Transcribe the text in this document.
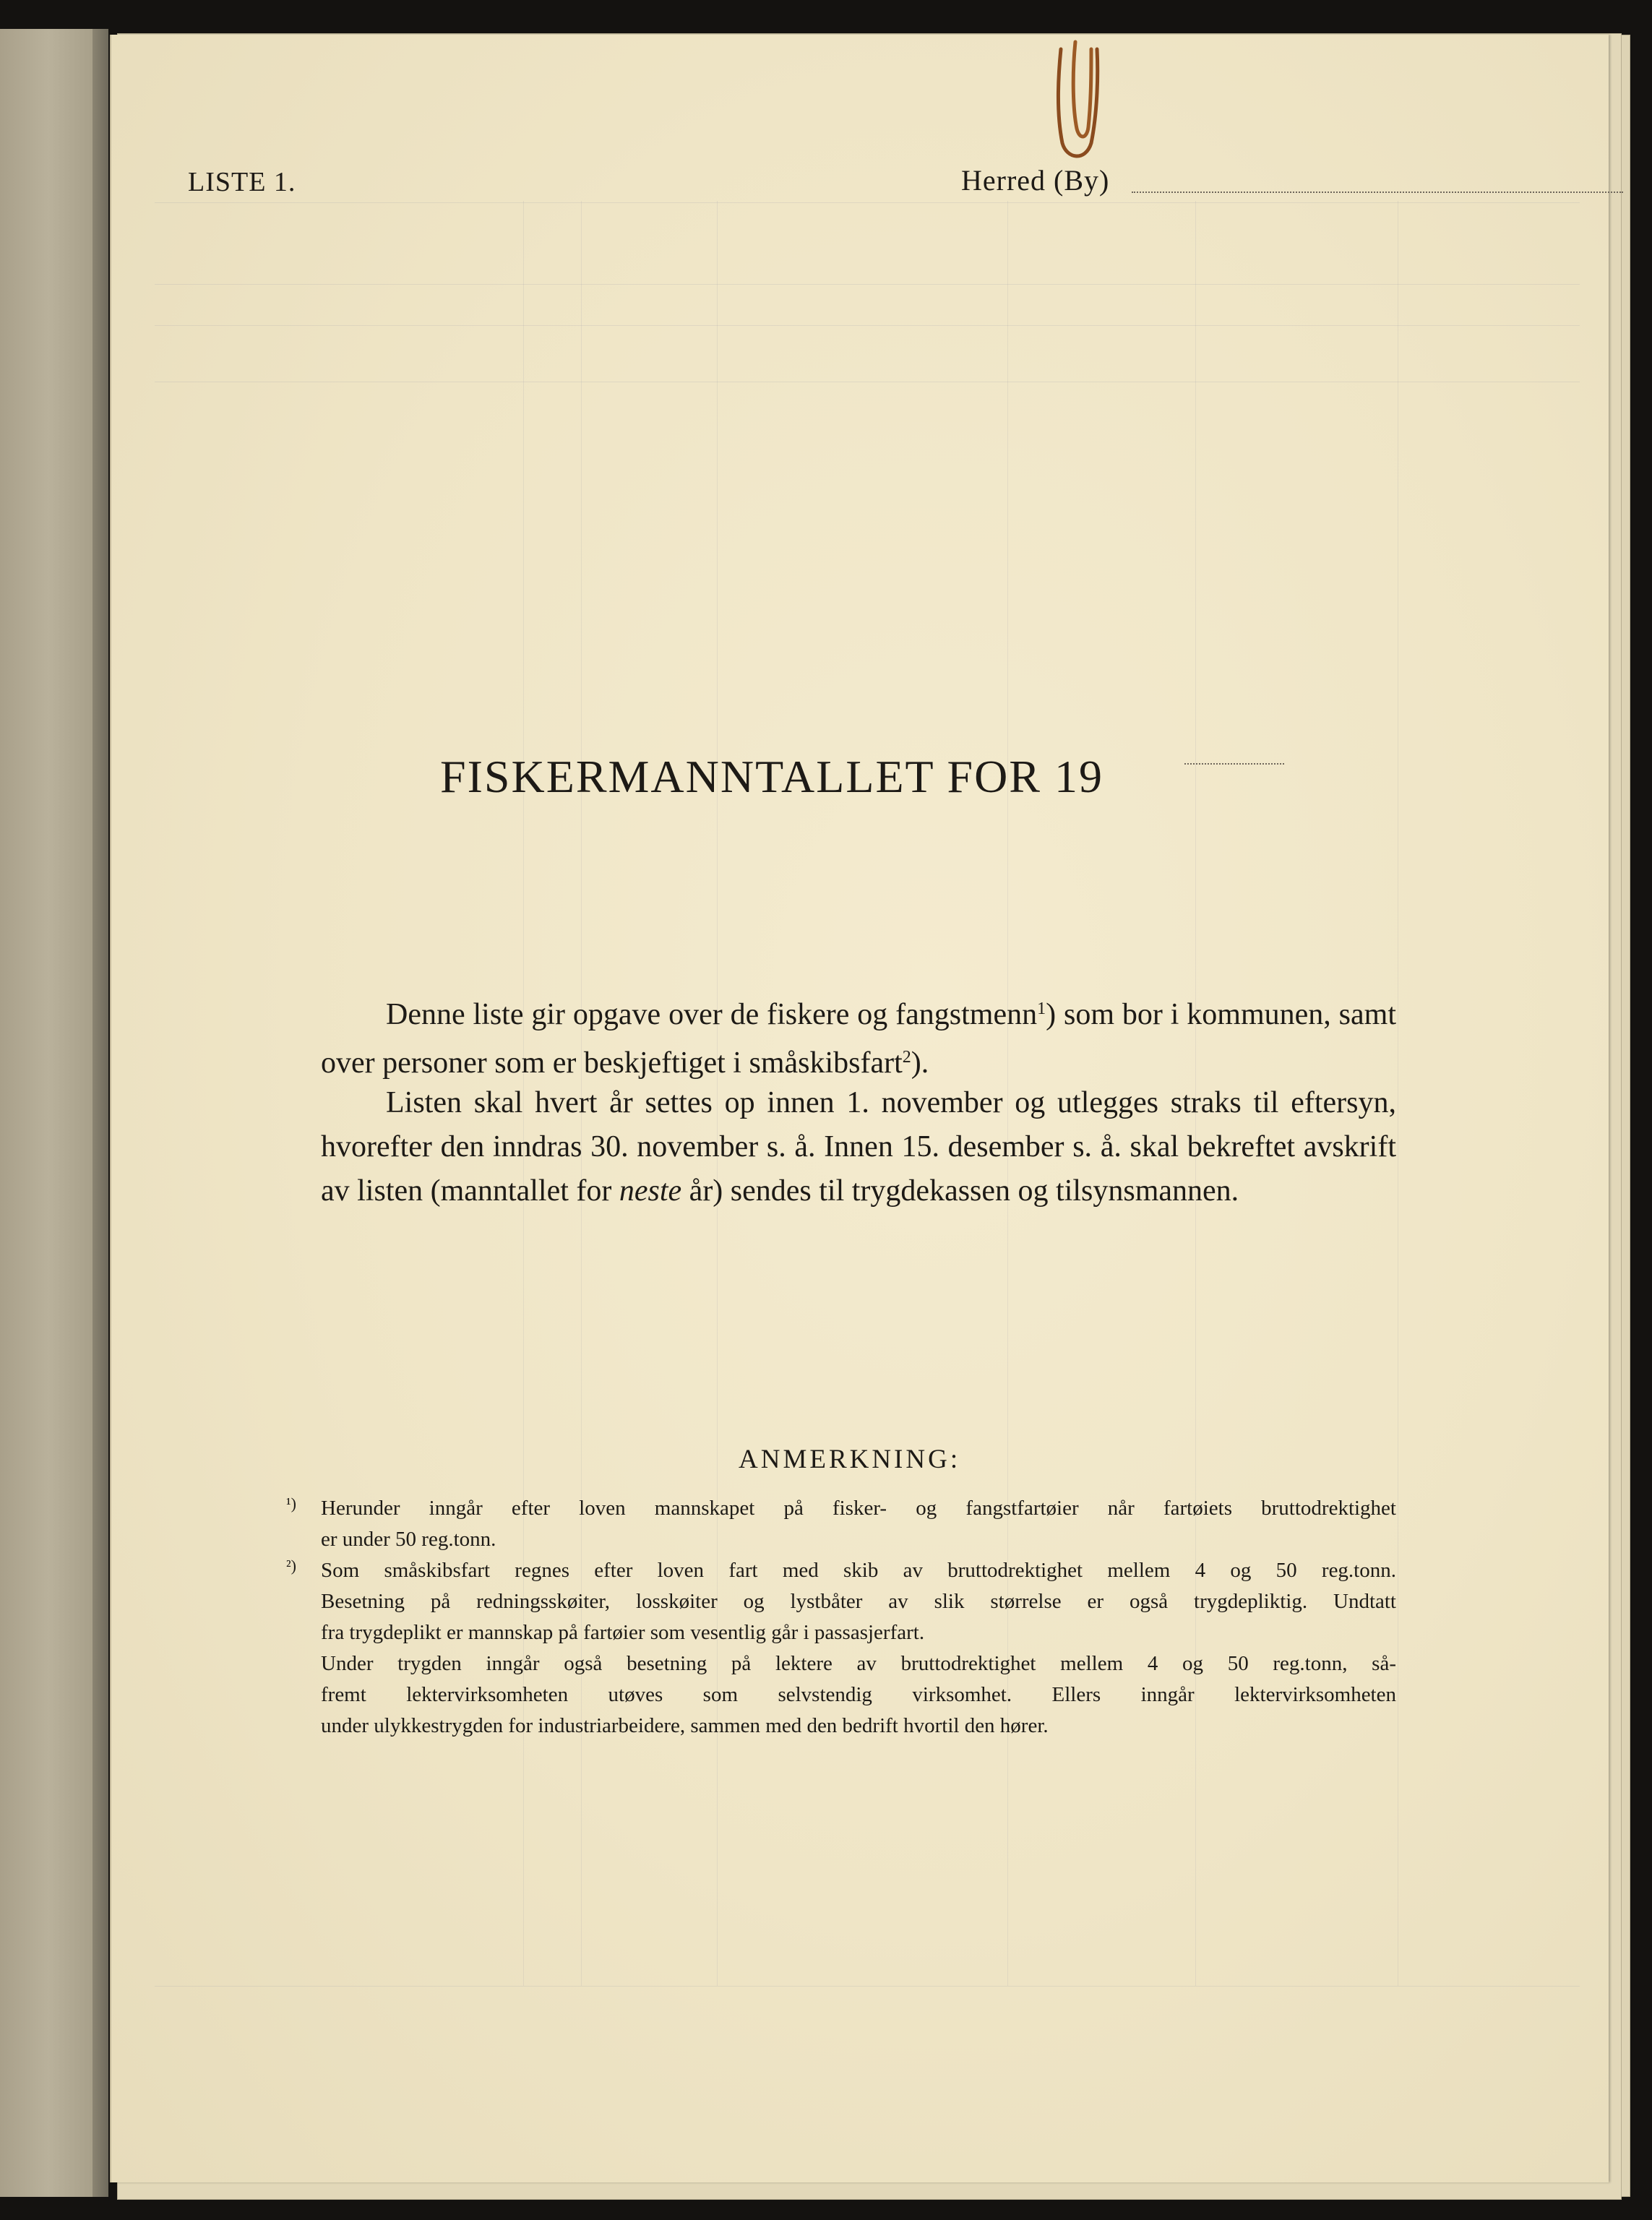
LISTE 1.	Herred (By)
FISKERMANNTALLET FOR 19
Denne liste gir opgave over de fiskere og fangstmenn$^1$) som bor i kommunen, samt over personer som er beskjeftiget i småskibsfart$^2$).
Listen skal hvert år settes op innen 1. november og utlegges straks til eftersyn, hvorefter den inndras 30. november s. å. Innen 15. desember s. å. skal bekreftet avskrift av listen (manntallet for neste år) sendes til trygdekassen og tilsynsmannen.
ANMERKNING:
¹) Herunder inngår efter loven mannskapet på fisker- og fangstfartøier når fartøiets bruttodrektighet
er under 50 reg.tonn.
²) Som småskibsfart regnes efter loven fart med skib av bruttodrektighet mellem 4 og 50 reg.tonn.
Besetning på redningsskøiter, losskøiter og lystbåter av slik størrelse er også trygdepliktig. Undtatt
fra trygdeplikt er mannskap på fartøier som vesentlig går i passasjerfart.
Under trygden inngår også besetning på lektere av bruttodrektighet mellem 4 og 50 reg.tonn, så-
fremt lektervirksomheten utøves som selvstendig virksomhet. Ellers inngår lektervirksomheten
under ulykkestrygden for industriarbeidere, sammen med den bedrift hvortil den hører.
